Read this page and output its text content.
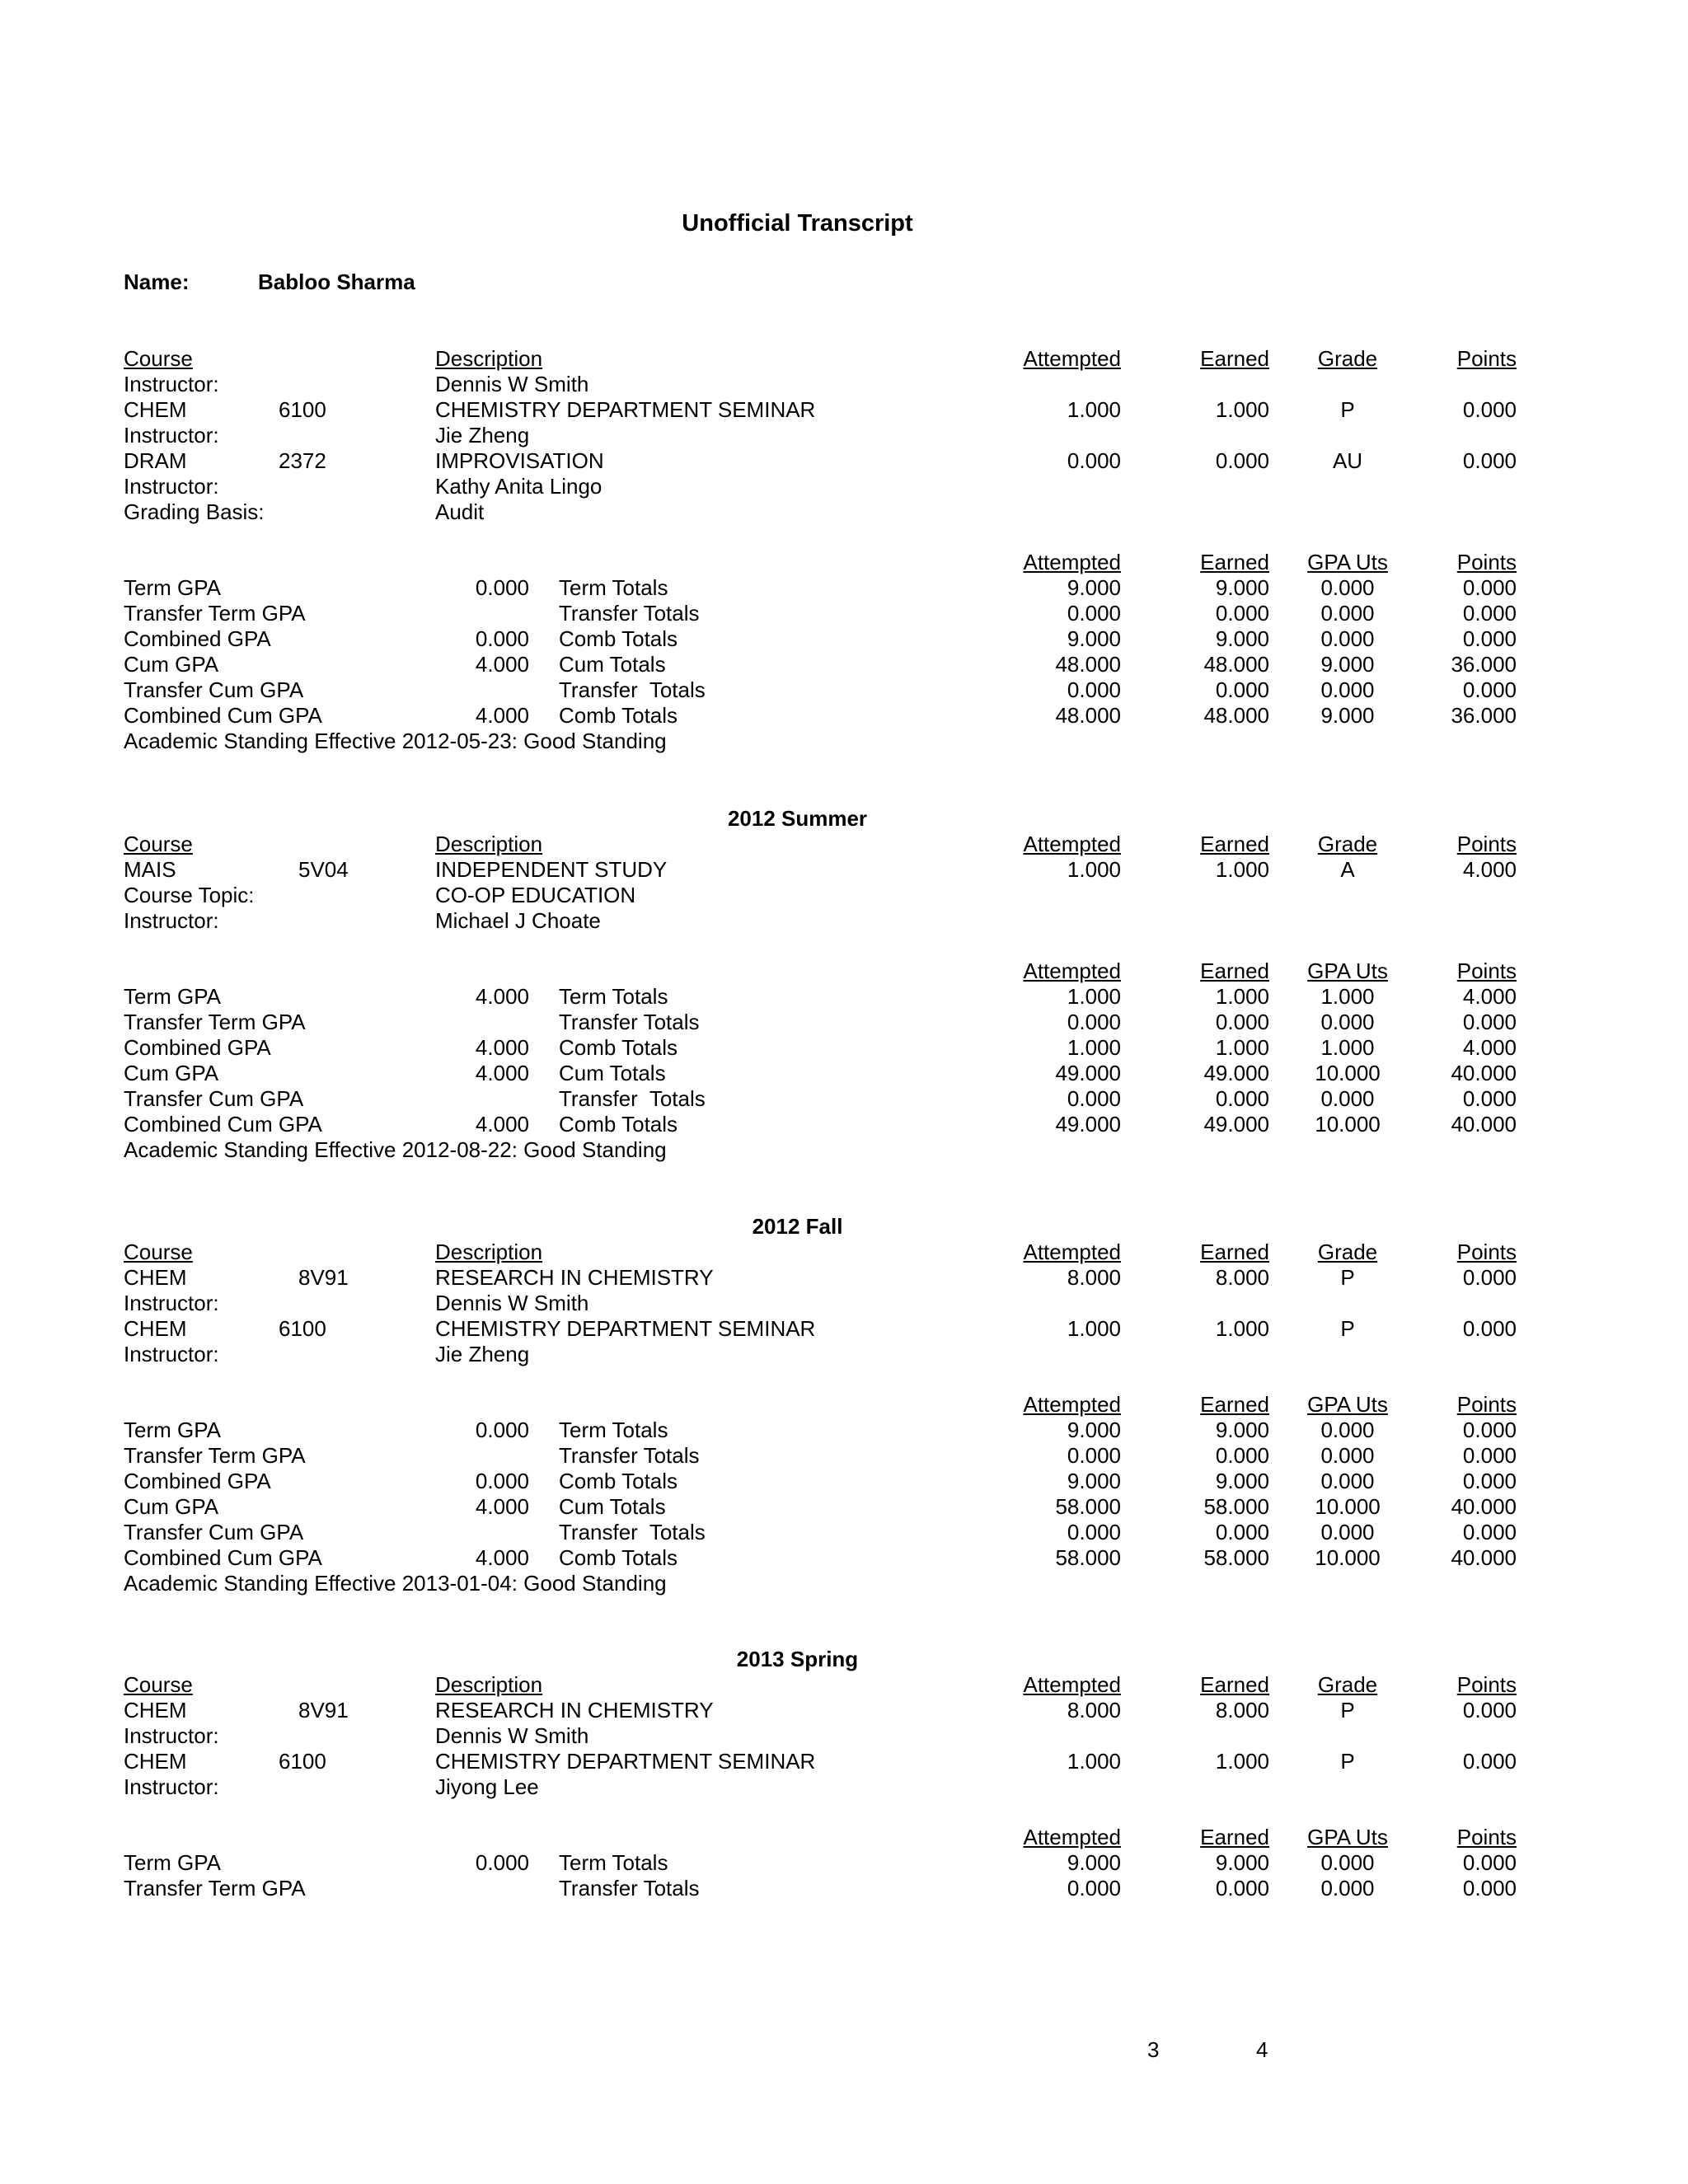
Unofficial Transcript
Name:	Babloo Sharma
Course	Description	Attempted	Earned	Grade	Points
Instructor:	Dennis W Smith
CHEM	6100	CHEMISTRY DEPARTMENT SEMINAR	1.000	1.000	P	0.000
Instructor:	Jie Zheng
DRAM	2372	IMPROVISATION	0.000	0.000	AU	0.000
Instructor:	Kathy Anita Lingo
Grading Basis:	Audit
Attempted	Earned	GPA Uts	Points
Term GPA	0.000 Term Totals	9.000	9.000	0.000	0.000
Transfer Term GPA	Transfer Totals	0.000	0.000	0.000	0.000
Combined GPA	0.000 Comb Totals	9.000	9.000	0.000	0.000
Cum GPA	4.000 Cum Totals	48.000	48.000	9.000	36.000
Transfer Cum GPA	Transfer  Totals	0.000	0.000	0.000	0.000
Combined Cum GPA	4.000 Comb Totals	48.000	48.000	9.000	36.000
Academic Standing Effective 2012-05-23: Good Standing
2012 Summer
Course	Description	Attempted	Earned	Grade	Points
MAIS	5V04	INDEPENDENT STUDY	1.000	1.000	A	4.000
Course Topic:	CO-OP EDUCATION
Instructor:	Michael J Choate
Attempted	Earned	GPA Uts	Points
Term GPA	4.000 Term Totals	1.000	1.000	1.000	4.000
Transfer Term GPA	Transfer Totals	0.000	0.000	0.000	0.000
Combined GPA	4.000 Comb Totals	1.000	1.000	1.000	4.000
Cum GPA	4.000 Cum Totals	49.000	49.000	10.000	40.000
Transfer Cum GPA	Transfer  Totals	0.000	0.000	0.000	0.000
Combined Cum GPA	4.000 Comb Totals	49.000	49.000	10.000	40.000
Academic Standing Effective 2012-08-22: Good Standing
2012 Fall
Course	Description	Attempted	Earned	Grade	Points
CHEM	8V91	RESEARCH IN CHEMISTRY	8.000	8.000	P	0.000
Instructor:	Dennis W Smith
CHEM	6100	CHEMISTRY DEPARTMENT SEMINAR	1.000	1.000	P	0.000
Instructor:	Jie Zheng
Attempted	Earned	GPA Uts	Points
Term GPA	0.000 Term Totals	9.000	9.000	0.000	0.000
Transfer Term GPA	Transfer Totals	0.000	0.000	0.000	0.000
Combined GPA	0.000 Comb Totals	9.000	9.000	0.000	0.000
Cum GPA	4.000 Cum Totals	58.000	58.000	10.000	40.000
Transfer Cum GPA	Transfer  Totals	0.000	0.000	0.000	0.000
Combined Cum GPA	4.000 Comb Totals	58.000	58.000	10.000	40.000
Academic Standing Effective 2013-01-04: Good Standing
2013 Spring
Course	Description	Attempted	Earned	Grade	Points
CHEM	8V91	RESEARCH IN CHEMISTRY	8.000	8.000	P	0.000
Instructor:	Dennis W Smith
CHEM	6100	CHEMISTRY DEPARTMENT SEMINAR	1.000	1.000	P	0.000
Instructor:	Jiyong Lee
Attempted	Earned	GPA Uts	Points
Term GPA	0.000 Term Totals	9.000	9.000	0.000	0.000
Transfer Term GPA	Transfer Totals	0.000	0.000	0.000	0.000
3	4
